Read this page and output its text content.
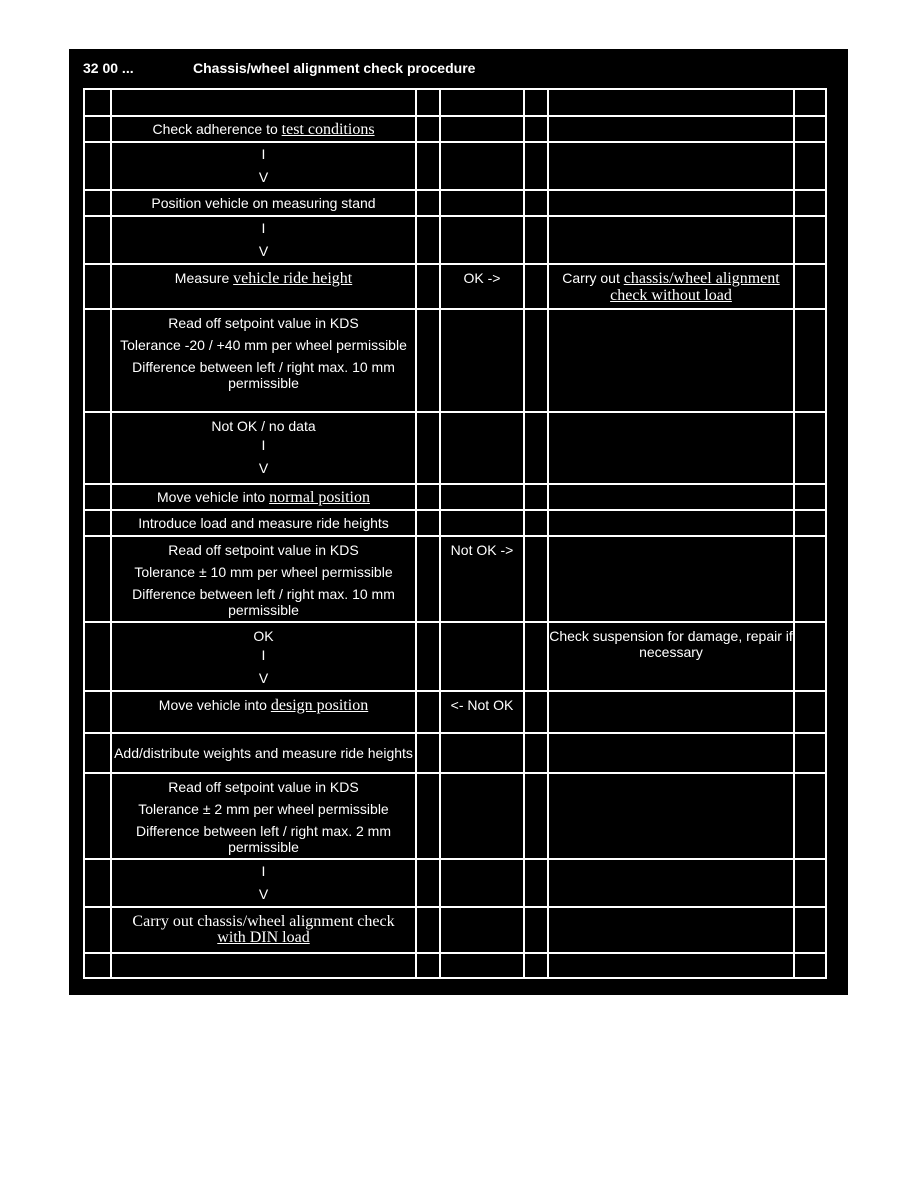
32 00 ...	Chassis/wheel alignment check procedure

	Check adherence to test conditions					

	I
V					

	Position vehicle on measuring stand					

	I
V					

	Measure vehicle ride height		OK ->		Carry out chassis/wheel alignment check without load	

	Read off setpoint value in KDS
Tolerance -20 / +40 mm per wheel permissible
Difference between left / right max. 10 mm permissible					

	Not OK / no data
I
V					

	Move vehicle into normal position					
	Introduce load and measure ride heights					

	Read off setpoint value in KDS
Tolerance ± 10 mm per wheel permissible
Difference between left / right max. 10 mm permissible		Not OK ->			

	OK
I
V				Check suspension for damage, repair if necessary	
	Move vehicle into design position		<- Not OK			
	Add/distribute weights and measure ride heights					

	Read off setpoint value in KDS
Tolerance ± 2 mm per wheel permissible
Difference between left / right max. 2 mm permissible					

	I
V					

	Carry out chassis/wheel alignment check
with DIN load					
